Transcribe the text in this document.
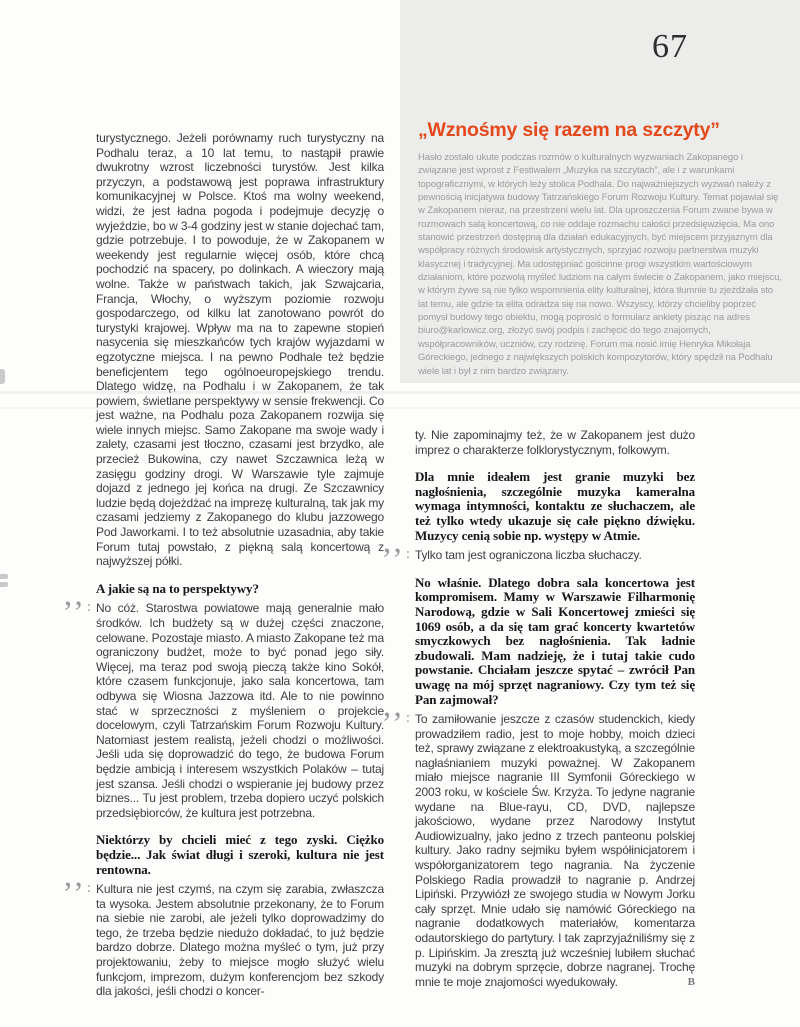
67
„Wznośmy się razem na szczyty”

Hasło zostało ukute podczas rozmów o kulturalnych wyzwaniach Zakopanego i związane jest wprost z Festiwalem „Muzyka na szczytach”, ale i z warunkami topograficznymi, w których leży stolica Podhala. Do najważniejszych wyzwań należy z pewnością inicjatywa budowy Tatrzańskiego Forum Rozwoju Kultury. Temat pojawiał się w Zakopanem nieraz, na przestrzeni wielu lat. Dla uproszczenia Forum zwane bywa w rozmowach salą koncertową, co nie oddaje rozmachu całości przedsięwzięcia. Ma ono stanowić przestrzeń dostępną dla działań edukacyjnych, być miejscem przyjaznym dla współpracy różnych środowisk artystycznych, sprzyjać rozwoju partnerstwa muzyki klasycznej i tradycyjnej. Ma udostępniać gościnne progi wszystkim wartościowym działaniom, które pozwolą myśleć ludziom na całym świecie o Zakopanem, jako miejscu, w którym żywe są nie tylko wspomnienia elity kulturalnej, która tłumnie tu zjeżdżała sto lat temu, ale gdzie ta elita odradza się na nowo. Wszyscy, którzy chcieliby poprzeć pomysł budowy tego obiektu, mogą poprosić o formularz ankiety pisząc na adres biuro@karlowicz.org, złożyć swój podpis i zachęcić do tego znajomych, współpracowników, uczniów, czy rodzinę. Forum ma nosić imię Henryka Mikołaja Góreckiego, jednego z największych polskich kompozytorów, który spędził na Podhalu wiele lat i był z nim bardzo związany.

turystycznego. Jeżeli porównamy ruch turystyczny na Podhalu teraz, a 10 lat temu, to nastąpił prawie dwukrotny wzrost liczebności turystów. Jest kilka przyczyn, a podstawową jest poprawa infrastruktury komunikacyjnej w Polsce. Ktoś ma wolny weekend, widzi, że jest ładna pogoda i podejmuje decyzję o wyjeździe, bo w 3-4 godziny jest w stanie dojechać tam, gdzie potrzebuje. I to powoduje, że w Zakopanem w weekendy jest regularnie więcej osób, które chcą pochodzić na spacery, po dolinkach. A wieczory mają wolne. Także w państwach takich, jak Szwajcaria, Francja, Włochy, o wyższym poziomie rozwoju gospodarczego, od kilku lat zanotowano powrót do turystyki krajowej. Wpływ ma na to zapewne stopień nasycenia się mieszkańców tych krajów wyjazdami w egzotyczne miejsca. I na pewno Podhale też będzie beneficjentem tego ogólnoeuropejskiego trendu. Dlatego widzę, na Podhalu i w Zakopanem, że tak powiem, świetlane perspektywy w sensie frekwencji. Co jest ważne, na Podhalu poza Zakopanem rozwija się wiele innych miejsc. Samo Zakopane ma swoje wady i zalety, czasami jest tłoczno, czasami jest brzydko, ale przecież Bukowina, czy nawet Szczawnica leżą w zasięgu godziny drogi. W Warszawie tyle zajmuje dojazd z jednego jej końca na drugi. Ze Szczawnicy ludzie będą dojeżdżać na imprezę kulturalną, tak jak my czasami jedziemy z Zakopanego do klubu jazzowego Pod Jaworkami. I to też absolutnie uzasadnia, aby takie Forum tutaj powstało, z piękną salą koncertową z najwyższej półki.

A jakie są na to perspektywy?

’’: No cóż. Starostwa powiatowe mają generalnie mało środków. Ich budżety są w dużej części znaczone, celowane. Pozostaje miasto. A miasto Zakopane też ma ograniczony budżet, może to być ponad jego siły. Więcej, ma teraz pod swoją pieczą także kino Sokół, które czasem funkcjonuje, jako sala koncertowa, tam odbywa się Wiosna Jazzowa itd. Ale to nie powinno stać w sprzeczności z myśleniem o projekcie docelowym, czyli Tatrzańskim Forum Rozwoju Kultury. Natomiast jestem realistą, jeżeli chodzi o możliwości. Jeśli uda się doprowadzić do tego, że budowa Forum będzie ambicją i interesem wszystkich Polaków – tutaj jest szansa. Jeśli chodzi o wspieranie jej budowy przez biznes... Tu jest problem, trzeba dopiero uczyć polskich przedsiębiorców, że kultura jest potrzebna.

Niektórzy by chcieli mieć z tego zyski. Ciężko będzie... Jak świat długi i szeroki, kultura nie jest rentowna.

’’: Kultura nie jest czymś, na czym się zarabia, zwłaszcza ta wysoka. Jestem absolutnie przekonany, że to Forum na siebie nie zarobi, ale jeżeli tylko doprowadzimy do tego, że trzeba będzie niedużo dokładać, to już będzie bardzo dobrze. Dlatego można myśleć o tym, już przy projektowaniu, żeby to miejsce mogło służyć wielu funkcjom, imprezom, dużym konferencjom bez szkody dla jakości, jeśli chodzi o koncer-

ty. Nie zapominajmy też, że w Zakopanem jest dużo imprez o charakterze folklorystycznym, folkowym.

Dla mnie ideałem jest granie muzyki bez nagłośnienia, szczególnie muzyka kameralna wymaga intymności, kontaktu ze słuchaczem, ale też tylko wtedy ukazuje się całe piękno dźwięku. Muzycy cenią sobie np. występy w Atmie.

’’: Tylko tam jest ograniczona liczba słuchaczy.

No właśnie. Dlatego dobra sala koncertowa jest kompromisem. Mamy w Warszawie Filharmonię Narodową, gdzie w Sali Koncertowej zmieści się 1069 osób, a da się tam grać koncerty kwartetów smyczkowych bez nagłośnienia. Tak ładnie zbudowali. Mam nadzieję, że i tutaj takie cudo powstanie. Chciałam jeszcze spytać – zwrócił Pan uwagę na mój sprzęt nagraniowy. Czy tym też się Pan zajmował?

’’: To zamiłowanie jeszcze z czasów studenckich, kiedy prowadziłem radio, jest to moje hobby, moich dzieci też, sprawy związane z elektroakustyką, a szczególnie nagłaśnianiem muzyki poważnej. W Zakopanem miało miejsce nagranie III Symfonii Góreckiego w 2003 roku, w kościele Św. Krzyża. To jedyne nagranie wydane na Blue-rayu, CD, DVD, najlepsze jakościowo, wydane przez Narodowy Instytut Audiowizualny, jako jedno z trzech panteonu polskiej kultury. Jako radny sejmiku byłem współinicjatorem i współorganizatorem tego nagrania. Na życzenie Polskiego Radia prowadził to nagranie p. Andrzej Lipiński. Przywiózł ze swojego studia w Nowym Jorku cały sprzęt. Mnie udało się namówić Góreckiego na nagranie dodatkowych materiałów, komentarza odautorskiego do partytury. I tak zaprzyjaźniliśmy się z p. Lipińskim. Ja zresztą już wcześniej lubiłem słuchać muzyki na dobrym sprzęcie, dobrze nagranej. Trochę mnie te moje znajomości wyedukowały.	B
